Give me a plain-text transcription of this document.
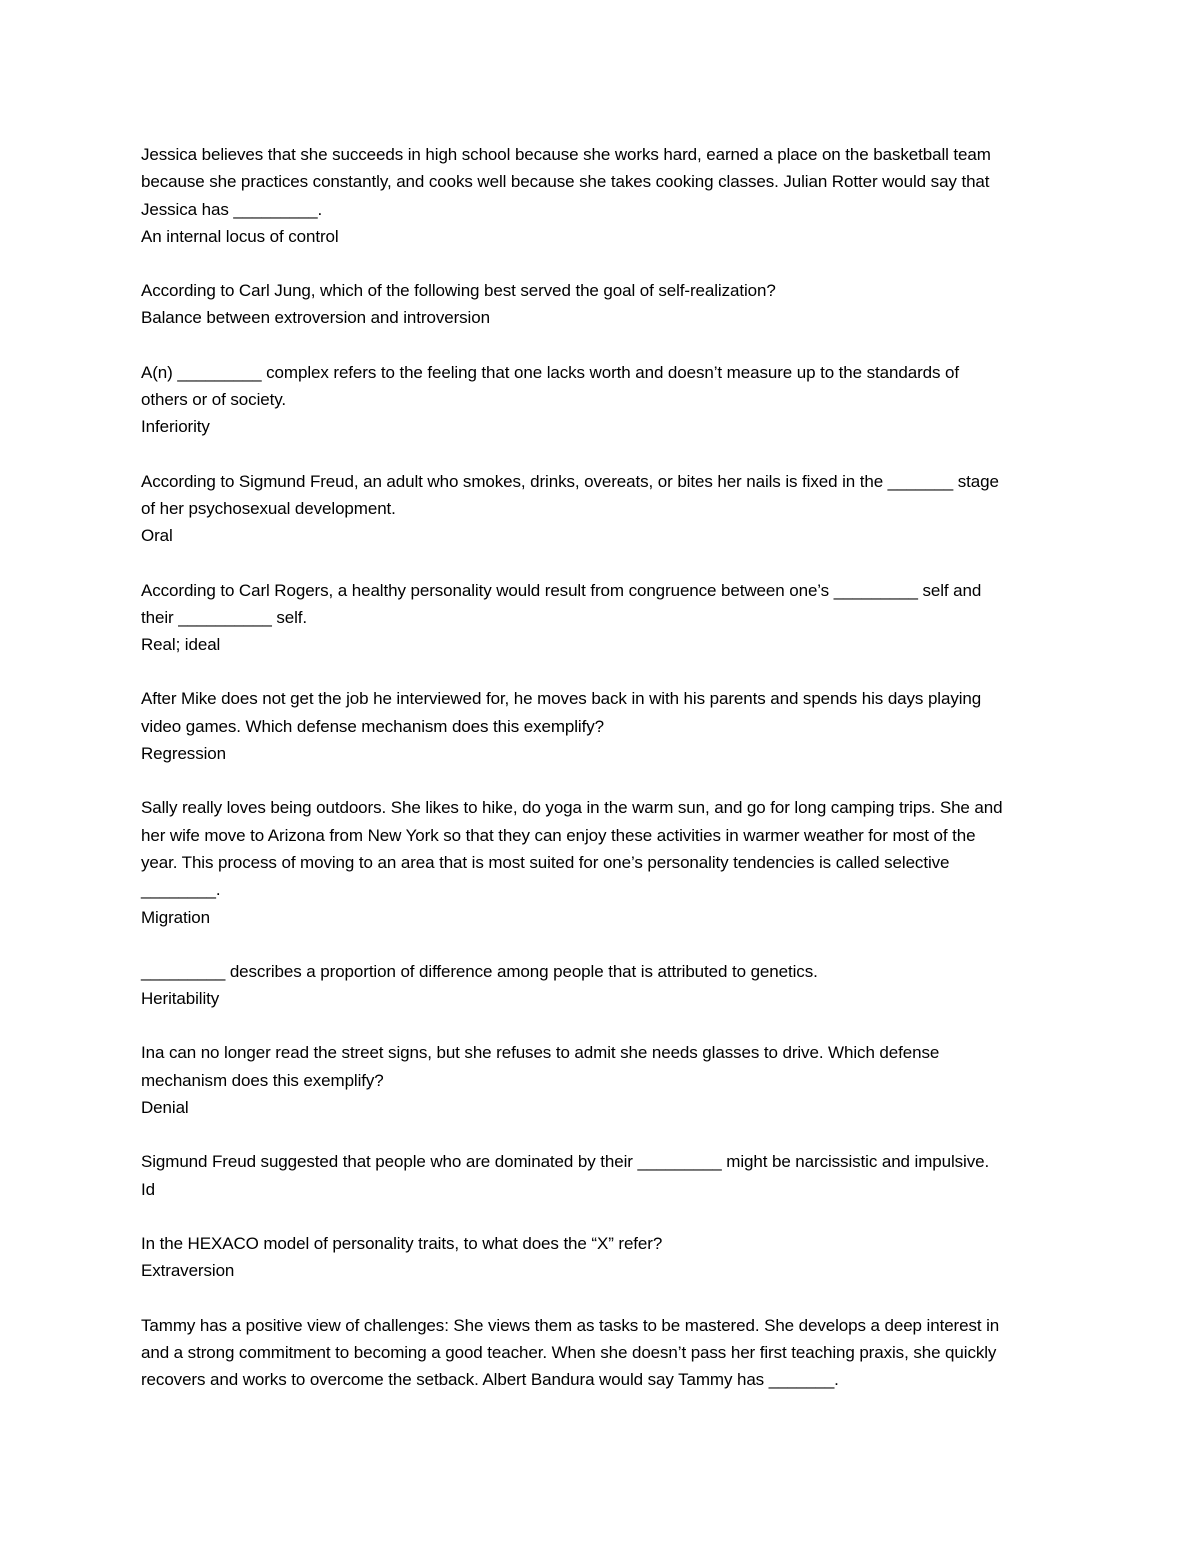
Jessica believes that she succeeds in high school because she works hard, earned a place on the basketball team
because she practices constantly, and cooks well because she takes cooking classes. Julian Rotter would say that
Jessica has _________.
An internal locus of control
According to Carl Jung, which of the following best served the goal of self-realization?
Balance between extroversion and introversion
A(n) _________ complex refers to the feeling that one lacks worth and doesn’t measure up to the standards of
others or of society.
Inferiority
According to Sigmund Freud, an adult who smokes, drinks, overeats, or bites her nails is fixed in the _______ stage
of her psychosexual development.
Oral
According to Carl Rogers, a healthy personality would result from congruence between one’s _________ self and
their __________ self.
Real; ideal
After Mike does not get the job he interviewed for, he moves back in with his parents and spends his days playing
video games. Which defense mechanism does this exemplify?
Regression
Sally really loves being outdoors. She likes to hike, do yoga in the warm sun, and go for long camping trips. She and
her wife move to Arizona from New York so that they can enjoy these activities in warmer weather for most of the
year. This process of moving to an area that is most suited for one’s personality tendencies is called selective
________.
Migration
_________ describes a proportion of difference among people that is attributed to genetics.
Heritability
Ina can no longer read the street signs, but she refuses to admit she needs glasses to drive. Which defense
mechanism does this exemplify?
Denial
Sigmund Freud suggested that people who are dominated by their _________ might be narcissistic and impulsive.
Id
In the HEXACO model of personality traits, to what does the “X” refer?
Extraversion
Tammy has a positive view of challenges: She views them as tasks to be mastered. She develops a deep interest in
and a strong commitment to becoming a good teacher. When she doesn’t pass her first teaching praxis, she quickly
recovers and works to overcome the setback. Albert Bandura would say Tammy has _______.
